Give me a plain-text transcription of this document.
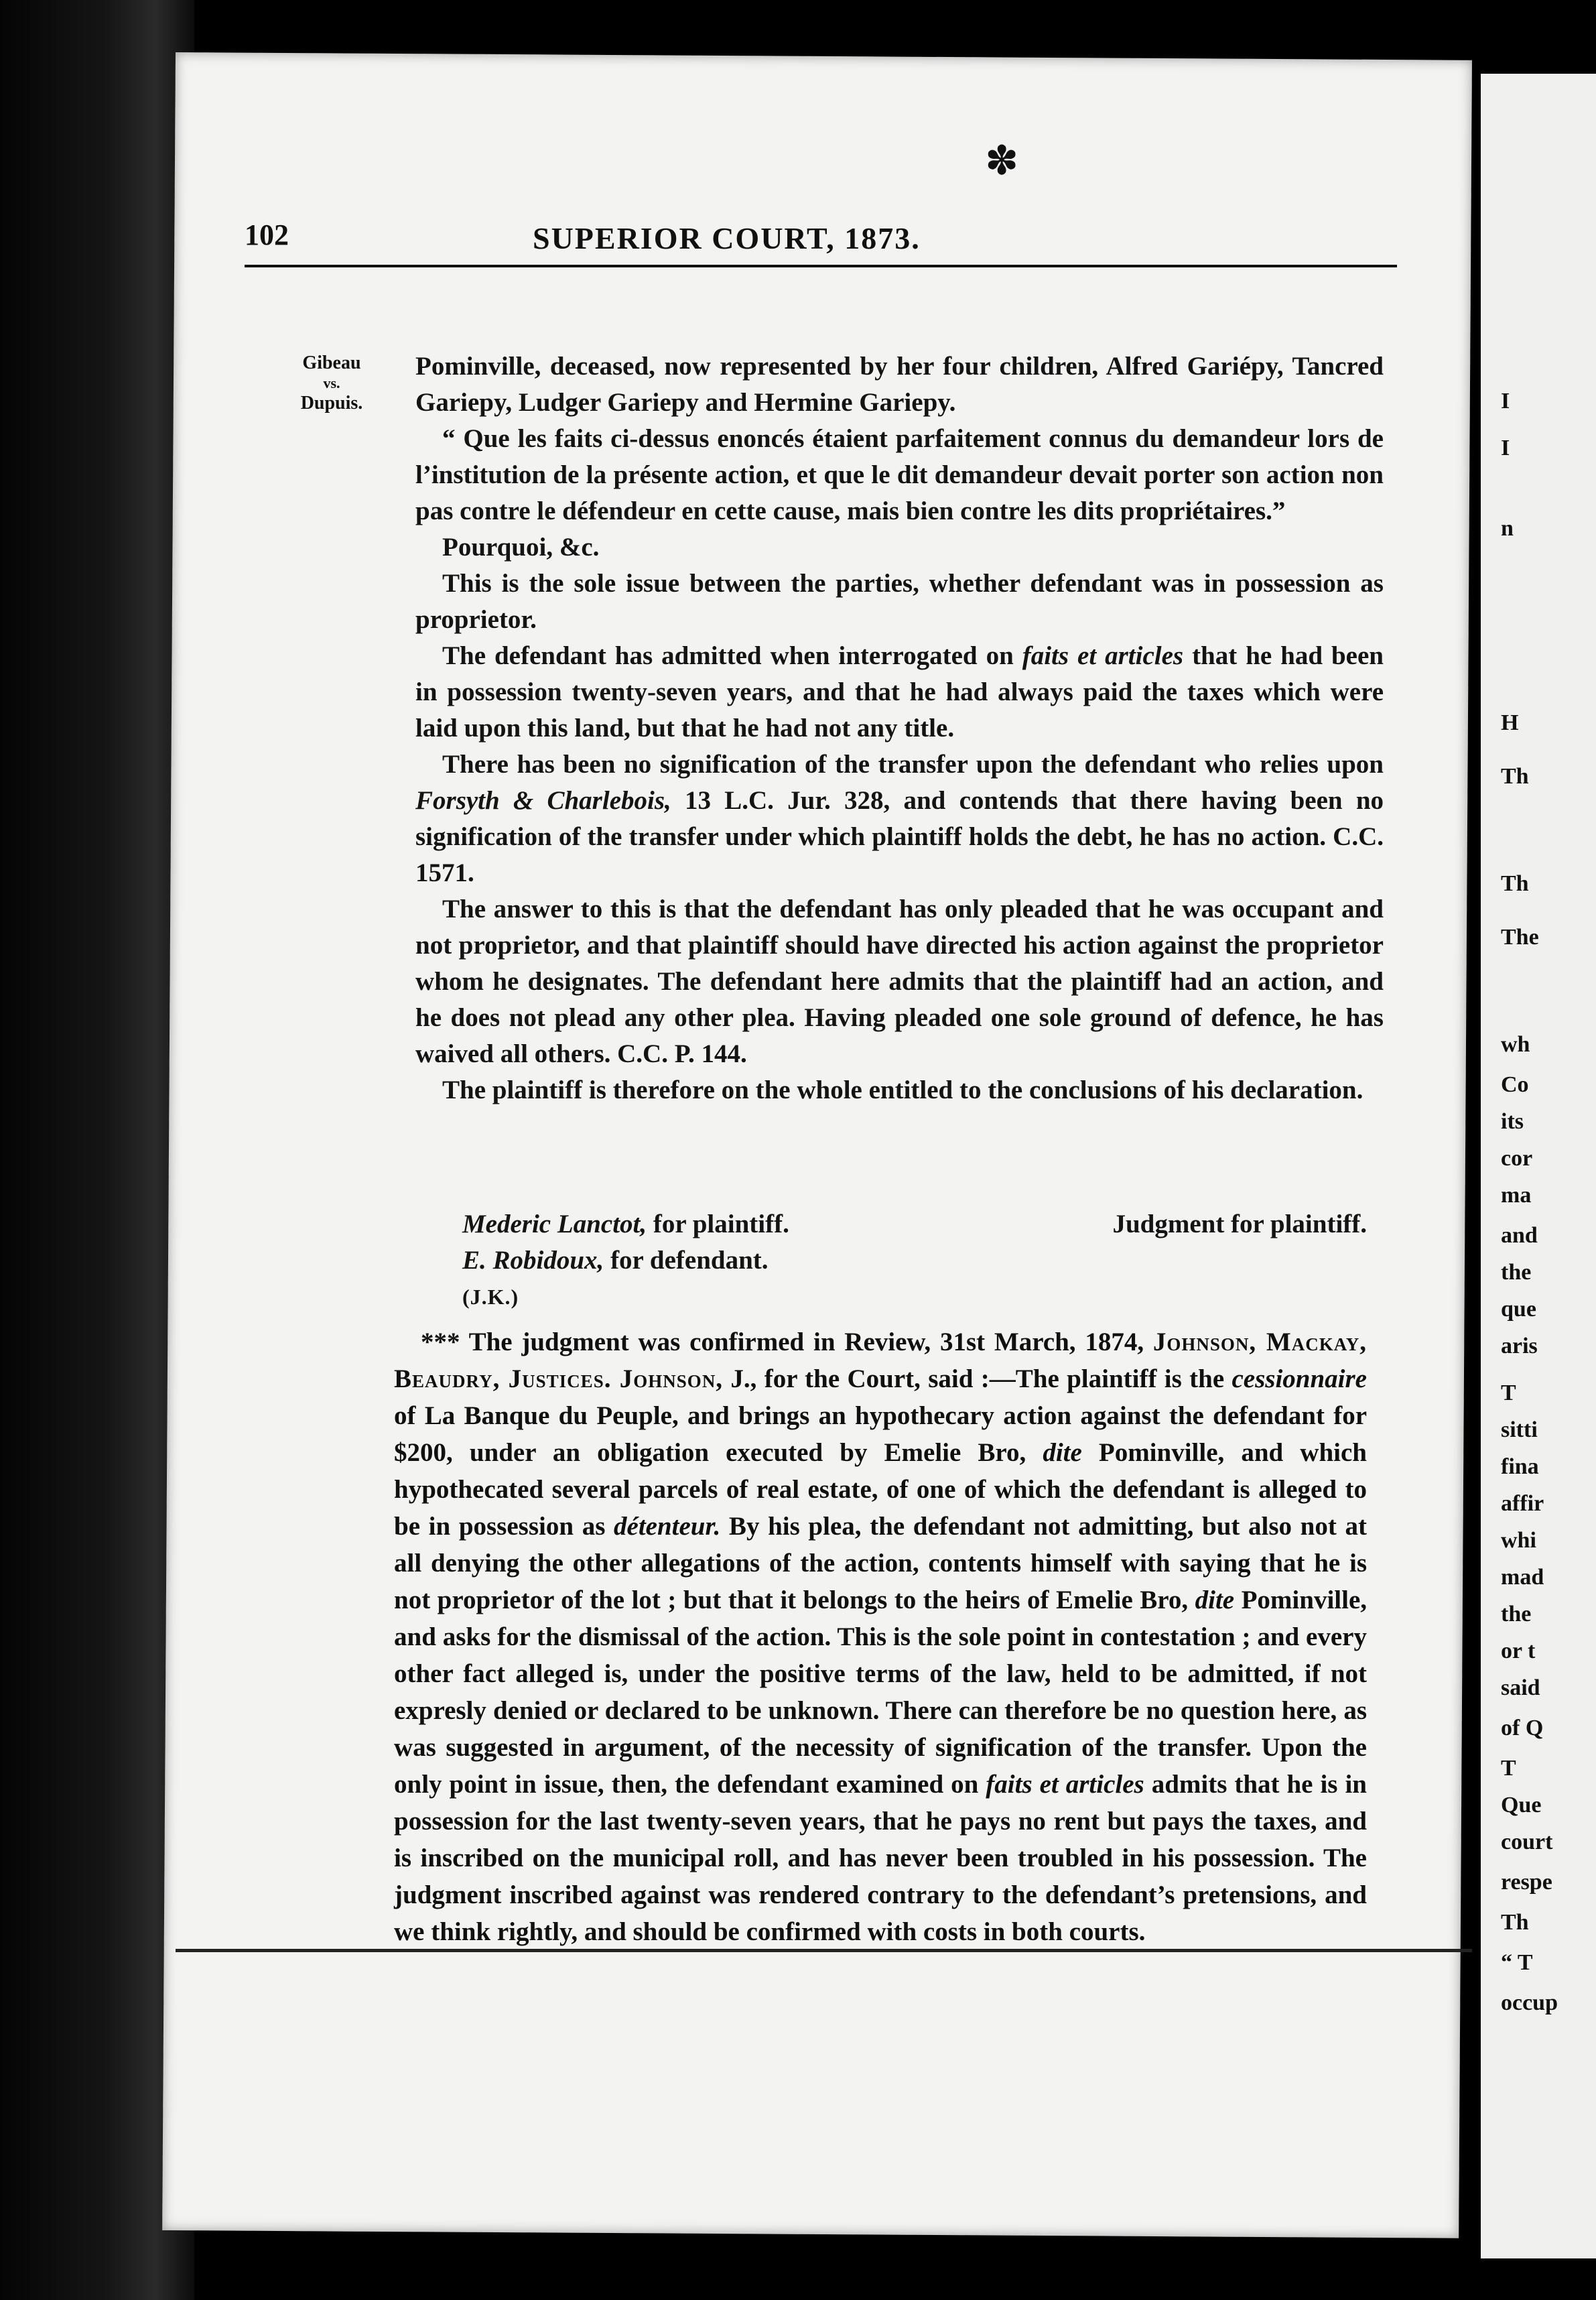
✽
102	SUPERIOR COURT, 1873.
Gibeau
vs.
Dupuis.

Pominville, deceased, now represented by her four children, Alfred Gariépy, Tancred Gariepy, Ludger Gariepy and Hermine Gariepy.

“ Que les faits ci-dessus enoncés étaient parfaitement connus du demandeur lors de l’institution de la présente action, et que le dit demandeur devait porter son action non pas contre le défendeur en cette cause, mais bien contre les dits propriétaires.”

Pourquoi, &c.

This is the sole issue between the parties, whether defendant was in possession as proprietor.

The defendant has admitted when interrogated on faits et articles that he had been in possession twenty-seven years, and that he had always paid the taxes which were laid upon this land, but that he had not any title.

There has been no signification of the transfer upon the defendant who relies upon Forsyth & Charlebois, 13 L.C. Jur. 328, and contends that there having been no signification of the transfer under which plaintiff holds the debt, he has no action. C.C. 1571.

The answer to this is that the defendant has only pleaded that he was occupant and not proprietor, and that plaintiff should have directed his action against the proprietor whom he designates. The defendant here admits that the plaintiff had an action, and he does not plead any other plea. Having pleaded one sole ground of defence, he has waived all others. C.C. P. 144.

The plaintiff is therefore on the whole entitled to the conclusions of his declaration.

Mederic Lanctot, for plaintiff.
E. Robidoux, for defendant.
(J.K.)
Judgment for plaintiff.

*** The judgment was confirmed in Review, 31st March, 1874, Johnson, Mackay, Beaudry, Justices. Johnson, J., for the Court, said :—The plaintiff is the cessionnaire of La Banque du Peuple, and brings an hypothecary action against the defendant for $200, under an obligation executed by Emelie Bro, dite Pominville, and which hypothecated several parcels of real estate, of one of which the defendant is alleged to be in possession as détenteur. By his plea, the defendant not admitting, but also not at all denying the other allegations of the action, contents himself with saying that he is not proprietor of the lot ; but that it belongs to the heirs of Emelie Bro, dite Pominville, and asks for the dismissal of the action. This is the sole point in contestation ; and every other fact alleged is, under the positive terms of the law, held to be admitted, if not expresly denied or declared to be unknown. There can therefore be no question here, as was suggested in argument, of the necessity of signification of the transfer. Upon the only point in issue, then, the defendant examined on faits et articles admits that he is in possession for the last twenty-seven years, that he pays no rent but pays the taxes, and is inscribed on the municipal roll, and has never been troubled in his possession. The judgment inscribed against was rendered contrary to the defendant’s pretensions, and we think rightly, and should be confirmed with costs in both courts.

I
I
n
H
Th
Th
The
wh
Co
its
cor
ma
and
the
que
aris
T
sitti
fina
affir
whi
mad
the
or t
said
of Q
T
Que
court
respe
Th
“ T
occup
